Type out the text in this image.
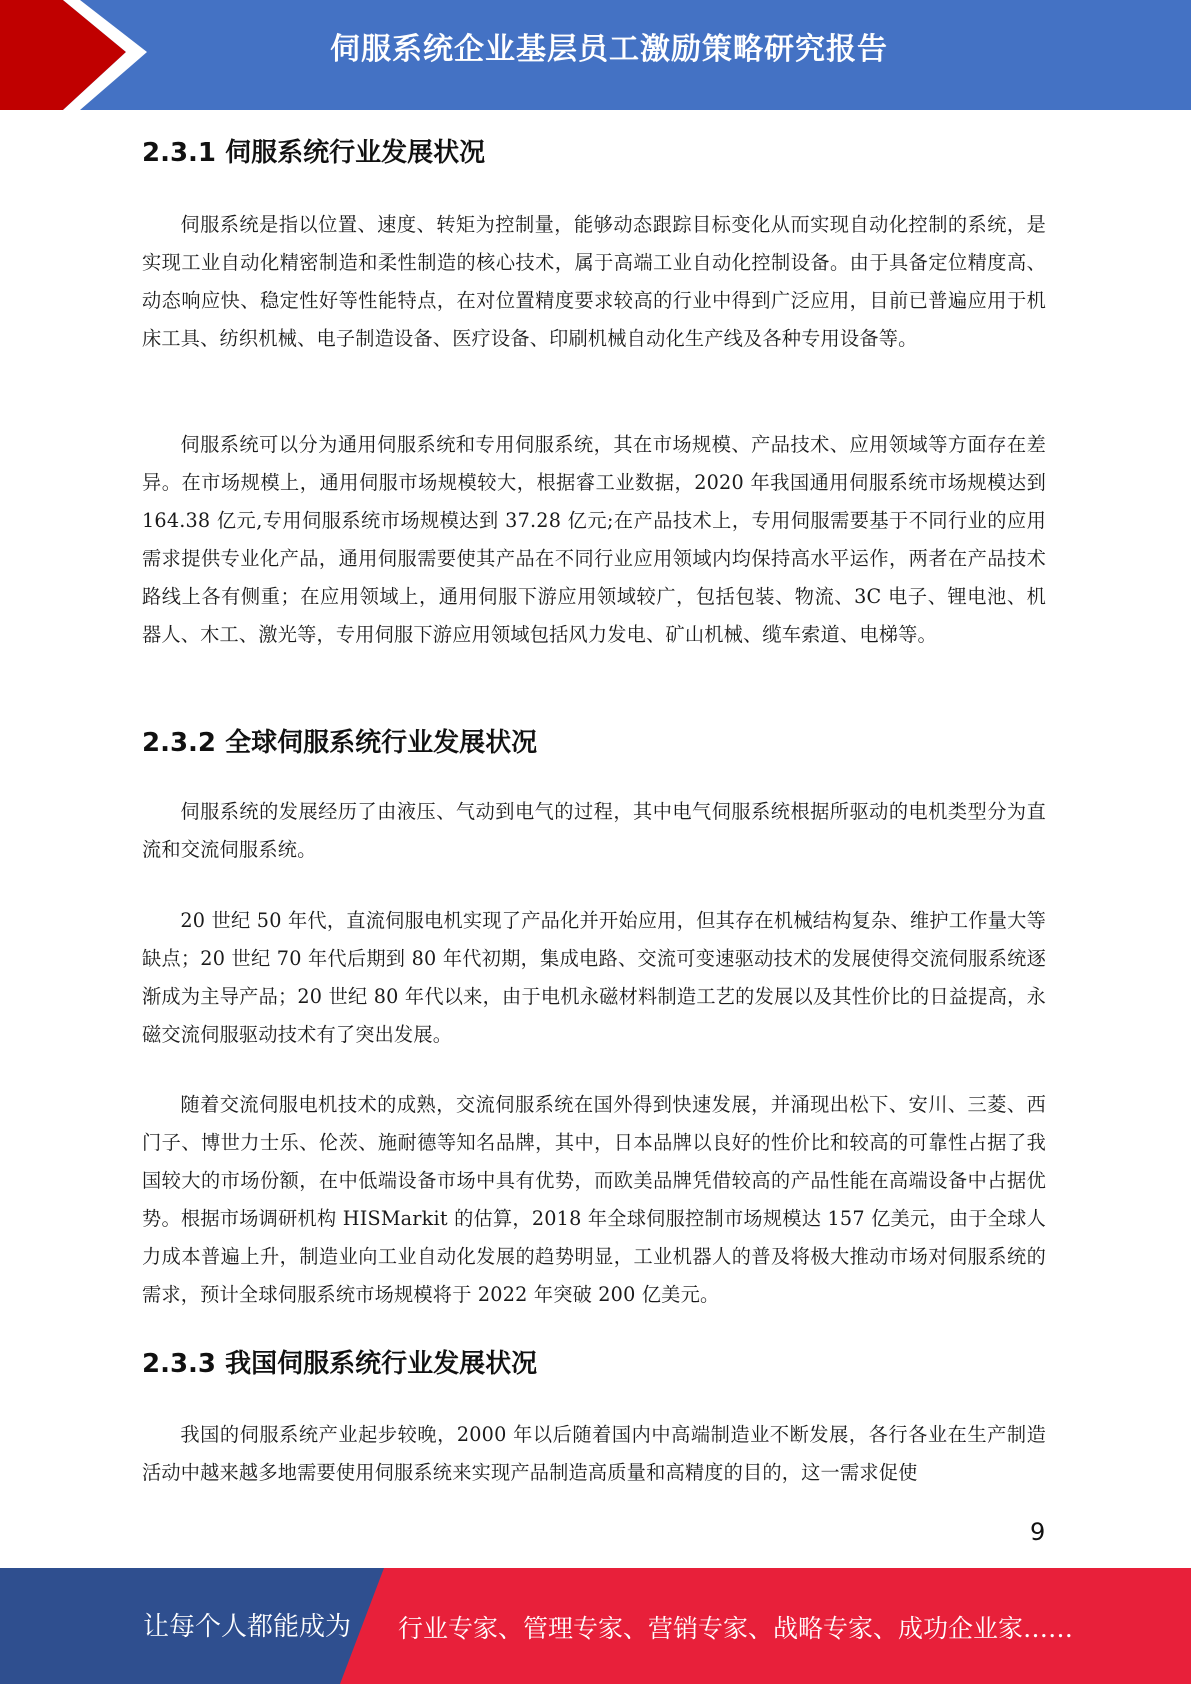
伺服系统企业基层员工激励策略研究报告
2.3.1 伺服系统行业发展状况

伺服系统是指以位置、速度、转矩为控制量，能够动态跟踪目标变化从而实现自动化控制的系统，是实现工业自动化精密制造和柔性制造的核心技术，属于高端工业自动化控制设备。由于具备定位精度高、动态响应快、稳定性好等性能特点，在对位置精度要求较高的行业中得到广泛应用，目前已普遍应用于机床工具、纺织机械、电子制造设备、医疗设备、印刷机械自动化生产线及各种专用设备等。

伺服系统可以分为通用伺服系统和专用伺服系统，其在市场规模、产品技术、应用领域等方面存在差异。在市场规模上，通用伺服市场规模较大，根据睿工业数据，2020 年我国通用伺服系统市场规模达到 164.38 亿元,专用伺服系统市场规模达到 37.28 亿元;在产品技术上，专用伺服需要基于不同行业的应用需求提供专业化产品，通用伺服需要使其产品在不同行业应用领域内均保持高水平运作，两者在产品技术路线上各有侧重；在应用领域上，通用伺服下游应用领域较广，包括包装、物流、3C 电子、锂电池、机器人、木工、激光等，专用伺服下游应用领域包括风力发电、矿山机械、缆车索道、电梯等。

2.3.2 全球伺服系统行业发展状况

伺服系统的发展经历了由液压、气动到电气的过程，其中电气伺服系统根据所驱动的电机类型分为直流和交流伺服系统。

20 世纪 50 年代，直流伺服电机实现了产品化并开始应用，但其存在机械结构复杂、维护工作量大等缺点；20 世纪 70 年代后期到 80 年代初期，集成电路、交流可变速驱动技术的发展使得交流伺服系统逐渐成为主导产品；20 世纪 80 年代以来，由于电机永磁材料制造工艺的发展以及其性价比的日益提高，永磁交流伺服驱动技术有了突出发展。

随着交流伺服电机技术的成熟，交流伺服系统在国外得到快速发展，并涌现出松下、安川、三菱、西门子、博世力士乐、伦茨、施耐德等知名品牌，其中，日本品牌以良好的性价比和较高的可靠性占据了我国较大的市场份额，在中低端设备市场中具有优势，而欧美品牌凭借较高的产品性能在高端设备中占据优势。根据市场调研机构 HISMarkit 的估算，2018 年全球伺服控制市场规模达 157 亿美元，由于全球人力成本普遍上升，制造业向工业自动化发展的趋势明显，工业机器人的普及将极大推动市场对伺服系统的需求，预计全球伺服系统市场规模将于 2022 年突破 200 亿美元。

2.3.3 我国伺服系统行业发展状况

我国的伺服系统产业起步较晚，2000 年以后随着国内中高端制造业不断发展，各行各业在生产制造活动中越来越多地需要使用伺服系统来实现产品制造高质量和高精度的目的，这一需求促使

9
让每个人都能成为 行业专家、管理专家、营销专家、战略专家、成功企业家……
